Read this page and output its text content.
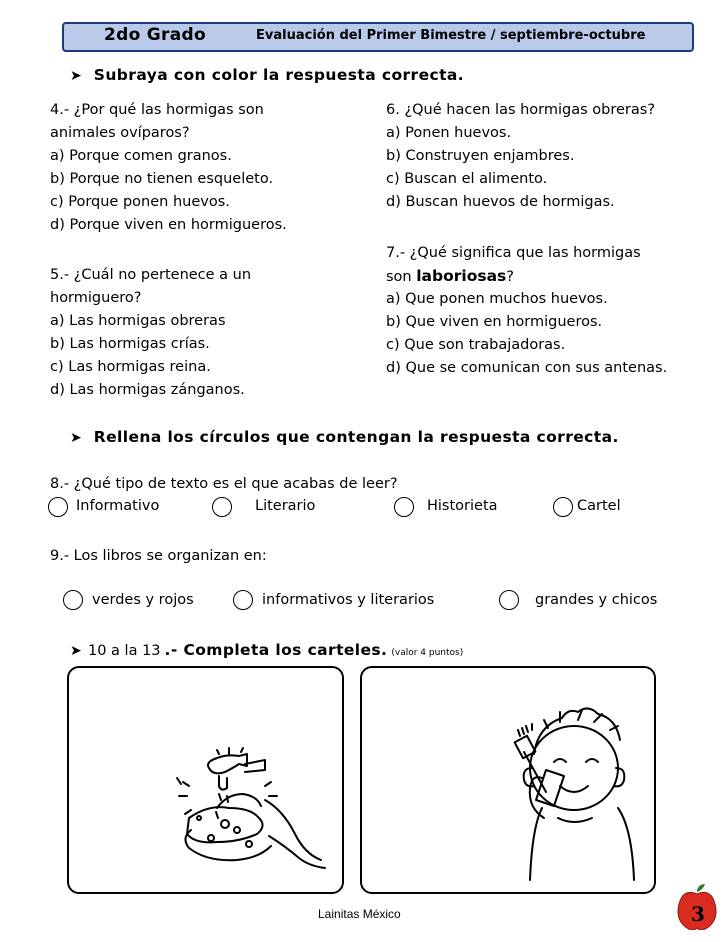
2do Grado	Evaluación del Primer Bimestre / septiembre-octubre
➤ Subraya con color la respuesta correcta.
4.- ¿Por qué las hormigas son
animales ovíparos?
a) Porque comen granos.
b) Porque no tienen esqueleto.
c) Porque ponen huevos.
d) Porque viven en hormigueros.
5.- ¿Cuál no pertenece a un
hormiguero?
a) Las hormigas obreras
b) Las hormigas crías.
c) Las hormigas reina.
d) Las hormigas zánganos.
6. ¿Qué hacen las hormigas obreras?
a) Ponen huevos.
b) Construyen enjambres.
c) Buscan el alimento.
d) Buscan huevos de hormigas.
7.- ¿Qué significa que las hormigas
son laboriosas?
a) Que ponen muchos huevos.
b) Que viven en hormigueros.
c) Que son trabajadoras.
d) Que se comunican con sus antenas.
➤ Rellena los círculos que contengan la respuesta correcta.
8.- ¿Qué tipo de texto es el que acabas de leer?
Informativo	Literario	Historieta	Cartel
9.- Los libros se organizan en:
verdes y rojos	informativos y literarios	grandes y chicos
➤ 10 a la 13 .- Completa los carteles. (valor 4 puntos)
Lainitas México	3
